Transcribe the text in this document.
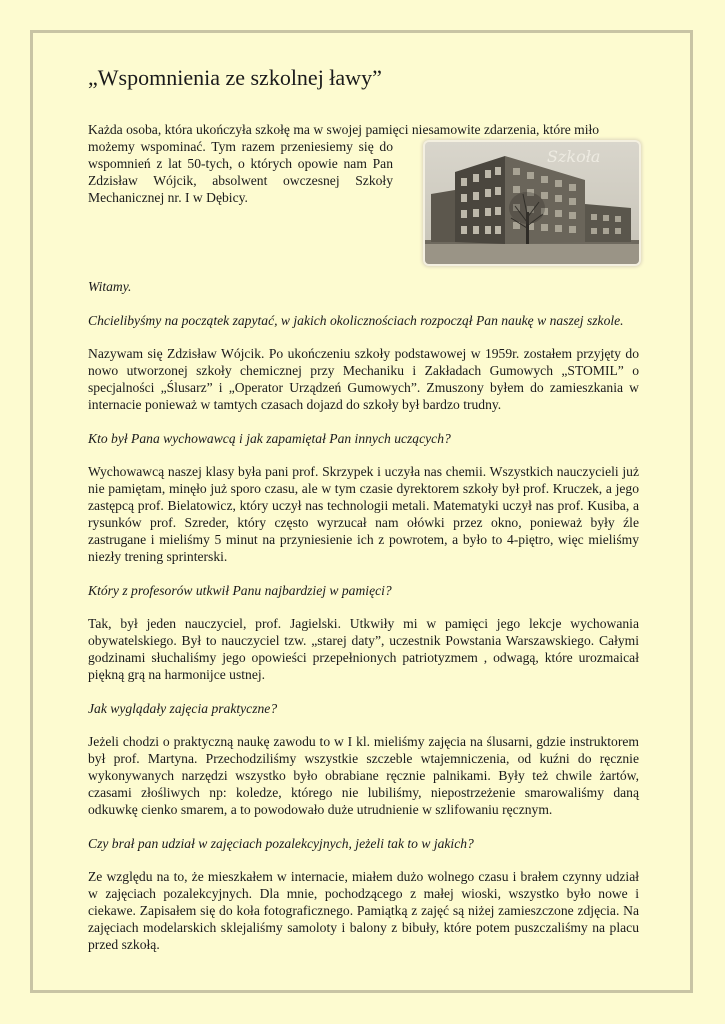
„Wspomnienia ze szkolnej ławy”

Każda osoba, która ukończyła szkołę ma w swojej pamięci niesamowite zdarzenia, które miło

Szkoła

możemy wspominać. Tym razem przeniesiemy się do wspomnień z lat 50-tych, o których opowie nam Pan Zdzisław Wójcik, absolwent owczesnej Szkoły Mechanicznej nr. I w Dębicy.

Witamy.

Chcielibyśmy na początek zapytać, w jakich okolicznościach rozpoczął Pan naukę w naszej szkole.

Nazywam się Zdzisław Wójcik. Po ukończeniu szkoły podstawowej w 1959r. zostałem przyjęty do nowo utworzonej szkoły chemicznej przy Mechaniku i Zakładach Gumowych „STOMIL” o specjalności „Ślusarz” i „Operator Urządzeń Gumowych”. Zmuszony byłem do zamieszkania w internacie ponieważ w tamtych czasach dojazd do szkoły był bardzo trudny.

Kto był Pana wychowawcą i jak zapamiętał Pan innych uczących?

Wychowawcą naszej klasy była pani prof. Skrzypek i uczyła nas chemii. Wszystkich nauczycieli już nie pamiętam, minęło już sporo czasu, ale w tym czasie dyrektorem szkoły był prof. Kruczek, a jego zastępcą prof. Bielatowicz, który uczył nas technologii metali. Matematyki uczył nas prof. Kusiba, a rysunków prof. Szreder, który często wyrzucał nam ołówki przez okno, ponieważ były źle zastrugane i mieliśmy 5 minut na przyniesienie ich z powrotem, a było to 4-piętro, więc mieliśmy niezły trening sprinterski.

Który z profesorów utkwił Panu najbardziej w pamięci?

Tak, był jeden nauczyciel, prof. Jagielski. Utkwiły mi w pamięci jego lekcje wychowania obywatelskiego. Był to nauczyciel tzw. „starej daty”, uczestnik Powstania Warszawskiego. Całymi godzinami słuchaliśmy jego opowieści przepełnionych patriotyzmem , odwagą, które urozmaicał piękną grą na harmonijce ustnej.

Jak wyglądały zajęcia praktyczne?

Jeżeli chodzi o praktyczną naukę zawodu to w I kl. mieliśmy zajęcia na ślusarni, gdzie instruktorem był prof. Martyna. Przechodziliśmy wszystkie szczeble wtajemniczenia, od kuźni do ręcznie wykonywanych narzędzi wszystko było obrabiane ręcznie palnikami. Były też chwile żartów, czasami złośliwych np: koledze, którego nie lubiliśmy, niepostrzeżenie smarowaliśmy daną odkuwkę cienko smarem, a to powodowało duże utrudnienie w szlifowaniu ręcznym.

Czy brał pan udział w zajęciach pozalekcyjnych, jeżeli tak to w jakich?

Ze względu na to, że mieszkałem w internacie, miałem dużo wolnego czasu i brałem czynny udział w zajęciach pozalekcyjnych. Dla mnie, pochodzącego z małej wioski, wszystko było nowe i ciekawe. Zapisałem się do koła fotograficznego. Pamiątką z zajęć są niżej zamieszczone zdjęcia. Na zajęciach modelarskich sklejaliśmy samoloty i balony z bibuły, które potem puszczaliśmy na placu przed szkołą.
